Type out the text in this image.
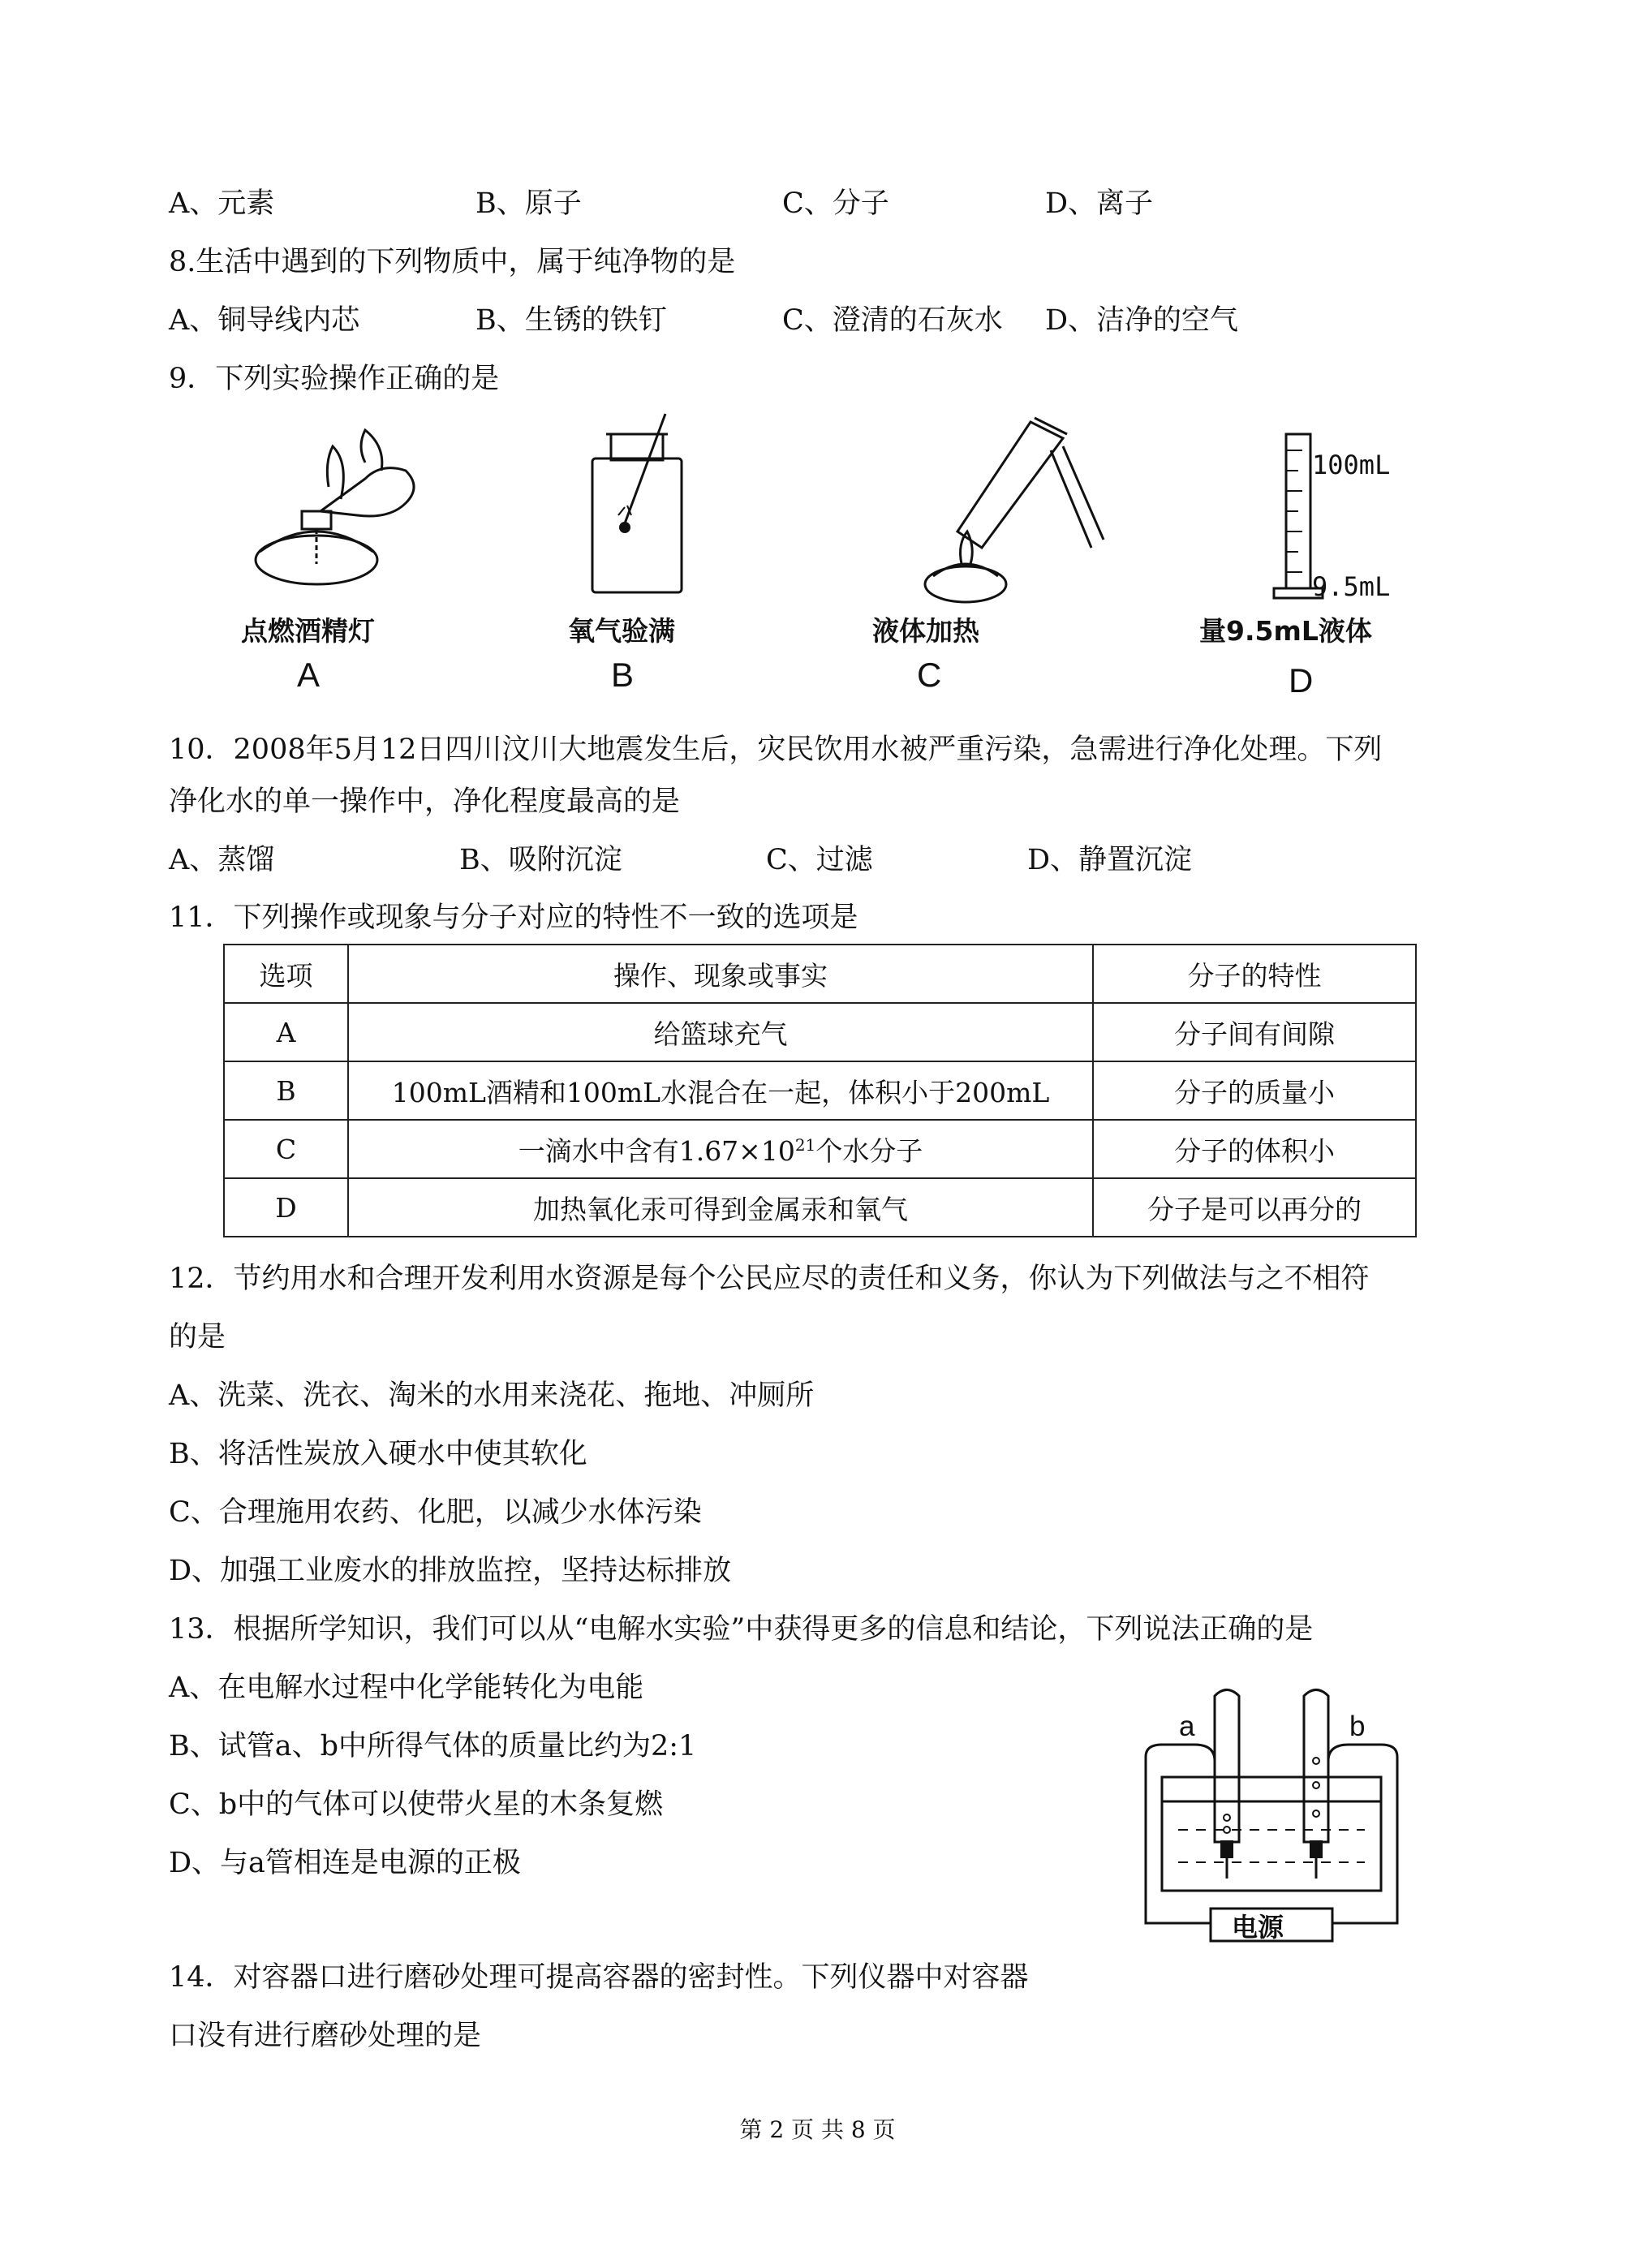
A、元素	B、原子	C、分子	D、离子
8.生活中遇到的下列物质中，属于纯净物的是
A、铜导线内芯	B、生锈的铁钉	C、澄清的石灰水 D、洁净的空气
9．下列实验操作正确的是
点燃酒精灯
A
氧气验满
B
液体加热
C
100mL
9.5mL
量9.5mL液体
D
10．2008年5月12日四川汶川大地震发生后，灾民饮用水被严重污染，急需进行净化处理。下列
净化水的单一操作中，净化程度最高的是
A、蒸馏	B、吸附沉淀	C、过滤	D、静置沉淀
11．下列操作或现象与分子对应的特性不一致的选项是
选项	操作、现象或事实	分子的特性
A	给篮球充气	分子间有间隙
B	100mL酒精和100mL水混合在一起，体积小于200mL	分子的质量小
C	一滴水中含有$1.67\times 10^{21}$个水分子	分子的体积小
D	加热氧化汞可得到金属汞和氧气	分子是可以再分的
12．节约用水和合理开发利用水资源是每个公民应尽的责任和义务，你认为下列做法与之不相符
的是
A、洗菜、洗衣、淘米的水用来浇花、拖地、冲厕所
B、将活性炭放入硬水中使其软化
C、合理施用农药、化肥，以减少水体污染
D、加强工业废水的排放监控，坚持达标排放
13．根据所学知识，我们可以从“电解水实验”中获得更多的信息和结论，下列说法正确的是
A、在电解水过程中化学能转化为电能
B、试管a、b中所得气体的质量比约为2:1
C、b中的气体可以使带火星的木条复燃
D、与a管相连是电源的正极
a	b
电源
14．对容器口进行磨砂处理可提高容器的密封性。下列仪器中对容器
口没有进行磨砂处理的是
第 2 页 共 8 页
